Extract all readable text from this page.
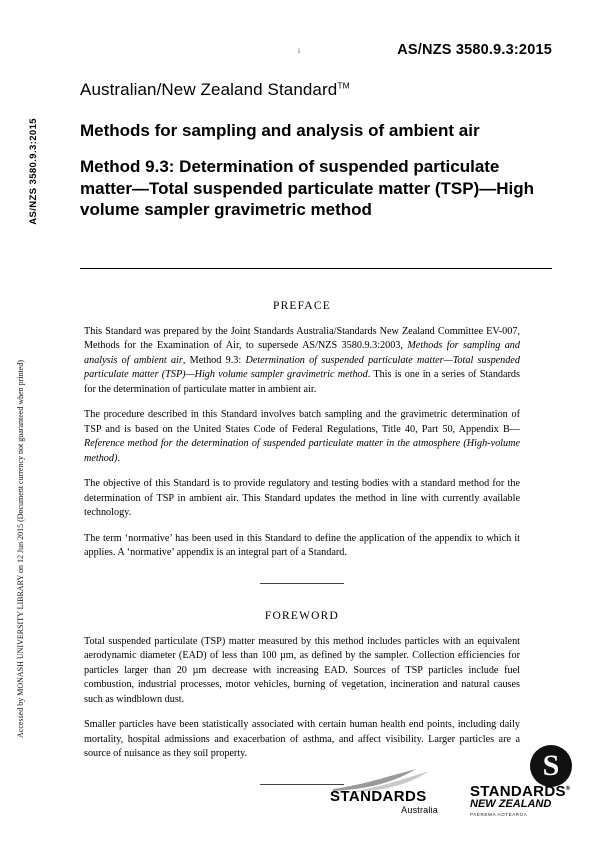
i	AS/NZS 3580.9.3:2015
AS/NZS 3580.9.3:2015
Accessed by MONASH UNIVERSITY LIBRARY on 12 Jun 2015 (Document currency not guaranteed when printed)
Australian/New Zealand Standard™
Methods for sampling and analysis of ambient air
Method 9.3: Determination of suspended particulate matter—Total suspended particulate matter (TSP)—High volume sampler gravimetric method
PREFACE
This Standard was prepared by the Joint Standards Australia/Standards New Zealand Committee EV-007, Methods for the Examination of Air, to supersede AS/NZS 3580.9.3:2003, Methods for sampling and analysis of ambient air, Method 9.3: Determination of suspended particulate matter—Total suspended particulate matter (TSP)—High volume sampler gravimetric method. This is one in a series of Standards for the determination of particulate matter in ambient air.
The procedure described in this Standard involves batch sampling and the gravimetric determination of TSP and is based on the United States Code of Federal Regulations, Title 40, Part 50, Appendix B—Reference method for the determination of suspended particulate matter in the atmosphere (High-volume method).
The objective of this Standard is to provide regulatory and testing bodies with a standard method for the determination of TSP in ambient air. This Standard updates the method in line with currently available technology.
The term ‘normative’ has been used in this Standard to define the application of the appendix to which it applies. A ‘normative’ appendix is an integral part of a Standard.
FOREWORD
Total suspended particulate (TSP) matter measured by this method includes particles with an equivalent aerodynamic diameter (EAD) of less than 100 µm, as defined by the sampler. Collection efficiencies for particles larger than 20 µm decrease with increasing EAD. Sources of TSP particles include fuel combustion, industrial processes, motor vehicles, burning of vegetation, incineration and natural causes such as windblown dust.
Smaller particles have been statistically associated with certain human health end points, including daily mortality, hospital admissions and exacerbation of asthma, and affect visibility. Larger particles are a source of nuisance as they soil property.
STANDARDS
Australia
S
STANDARDS®
NEW ZEALAND
PAEREWA AOTEAROA
